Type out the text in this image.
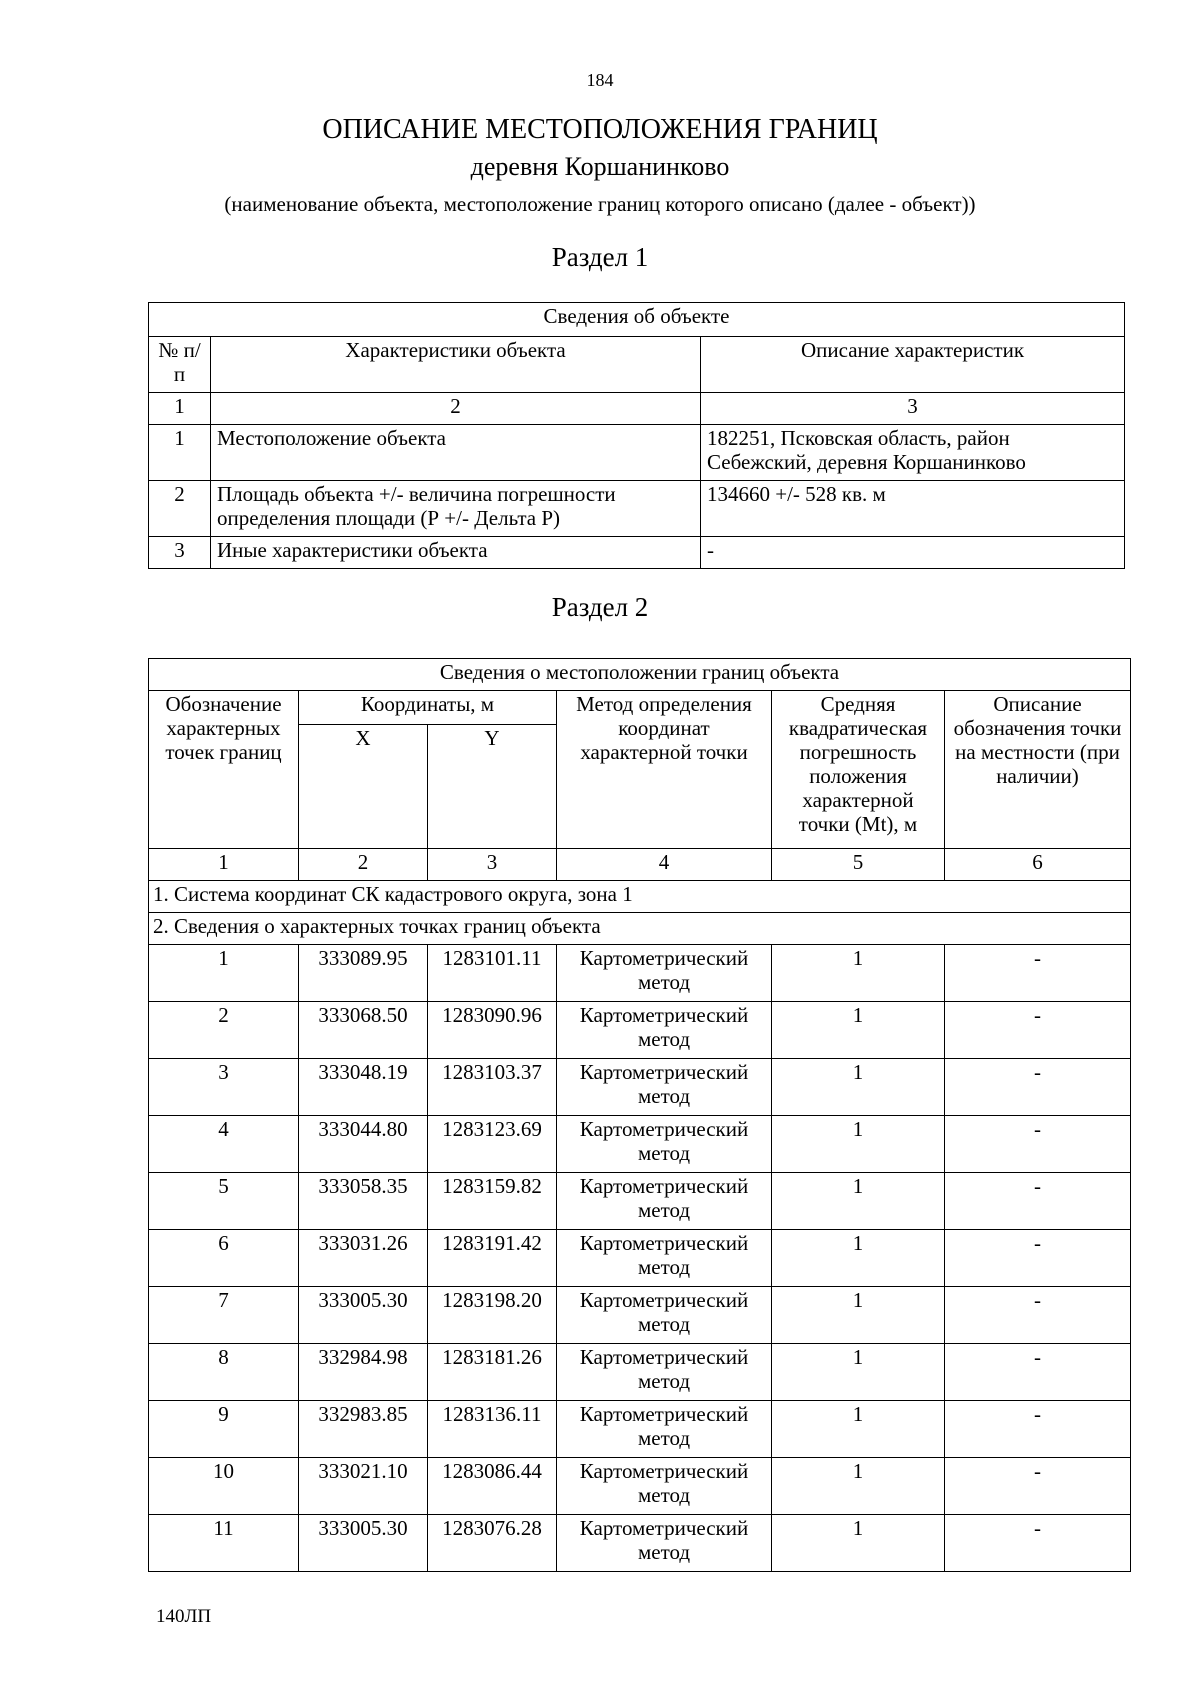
184
ОПИСАНИЕ МЕСТОПОЛОЖЕНИЯ ГРАНИЦ
деревня Коршанинково
(наименование объекта, местоположение границ которого описано (далее - объект))
Раздел 1
Сведения об объекте		
№ п/п	Характеристики объекта	Описание характеристик
1	2	3
1	Местоположение объекта	182251, Псковская область, район Себежский, деревня Коршанинково
2	Площадь объекта +/- величина погрешности определения площади (Р +/- Дельта Р)	134660 +/- 528 кв. м
3	Иные характеристики объекта	-
Раздел 2
Сведения о местоположении границ объекта					
Обозначение характерных точек границ	Координаты, м		Метод определения координат характерной точки	Средняя квадратическая погрешность положения характерной точки (Мt), м	Описание обозначения точки на местности (при наличии)
	X	Y			
1	2	3	4	5	6
1. Система координат СК кадастрового округа, зона 1					
2. Сведения о характерных точках границ объекта					
1	333089.95	1283101.11	Картометрический метод	1	-
2	333068.50	1283090.96	Картометрический метод	1	-
3	333048.19	1283103.37	Картометрический метод	1	-
4	333044.80	1283123.69	Картометрический метод	1	-
5	333058.35	1283159.82	Картометрический метод	1	-
6	333031.26	1283191.42	Картометрический метод	1	-
7	333005.30	1283198.20	Картометрический метод	1	-
8	332984.98	1283181.26	Картометрический метод	1	-
9	332983.85	1283136.11	Картометрический метод	1	-
10	333021.10	1283086.44	Картометрический метод	1	-
11	333005.30	1283076.28	Картометрический метод	1	-
140ЛП
